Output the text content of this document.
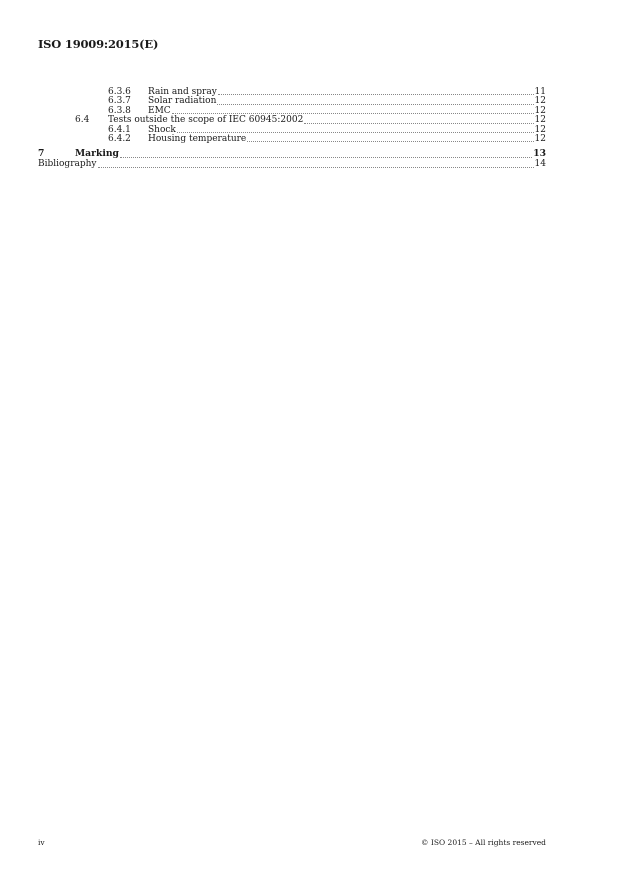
ISO 19009:2015(E)
6.3.6 Rain and spray	11
6.3.7 Solar radiation	12
6.3.8 EMC	12
6.4 Tests outside the scope of IEC 60945:2002	12
6.4.1 Shock	12
6.4.2 Housing temperature	12
7	Marking	13
Bibliography	14
iv	© ISO 2015 – All rights reserved
